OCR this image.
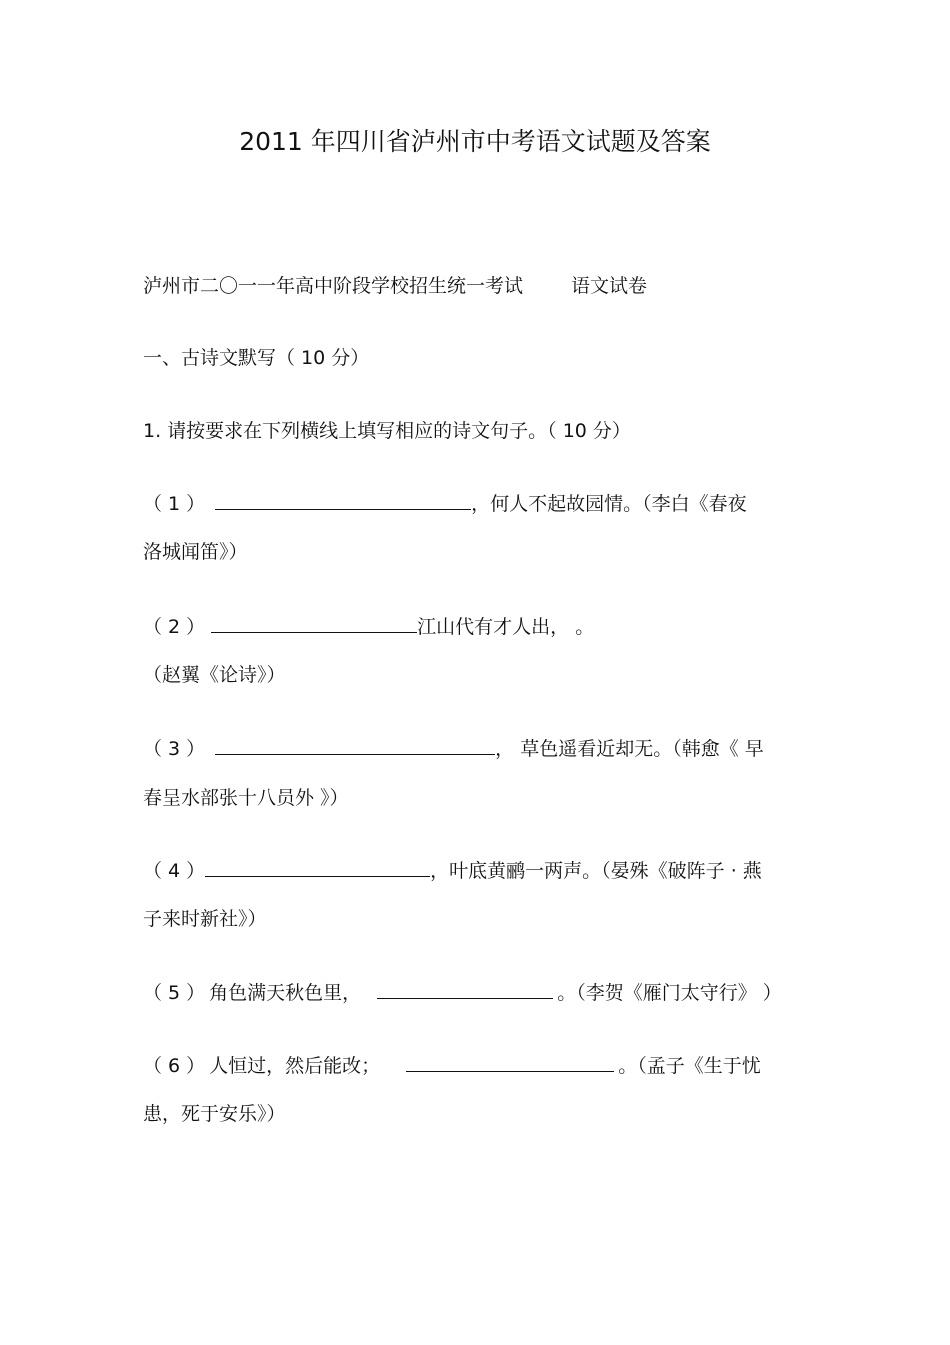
2011 年四川省泸州市中考语文试题及答案
泸州市二〇一一年高中阶段学校招生统一考试	语文试卷
一、古诗文默写（ 10 分）
1. 请按要求在下列横线上填写相应的诗文句子。（ 10 分）
（ 1 ）	，何人不起故园情。（李白《春夜
洛城闻笛》）
（ 2 ）	江山代有才人出， 。
（赵翼《论诗》）
（ 3 ）	， 草色遥看近却无。（韩愈《 早
春呈水部张十八员外 》）
（ 4 ）	，叶底黄鹂一两声。（晏殊《破阵子 · 燕
子来时新社》）
（ 5 ） 角色满天秋色里，	。（李贺《雁门太守行》 ）
（ 6 ） 人恒过，然后能改；	。（孟子《生于忧
患，死于安乐》）
